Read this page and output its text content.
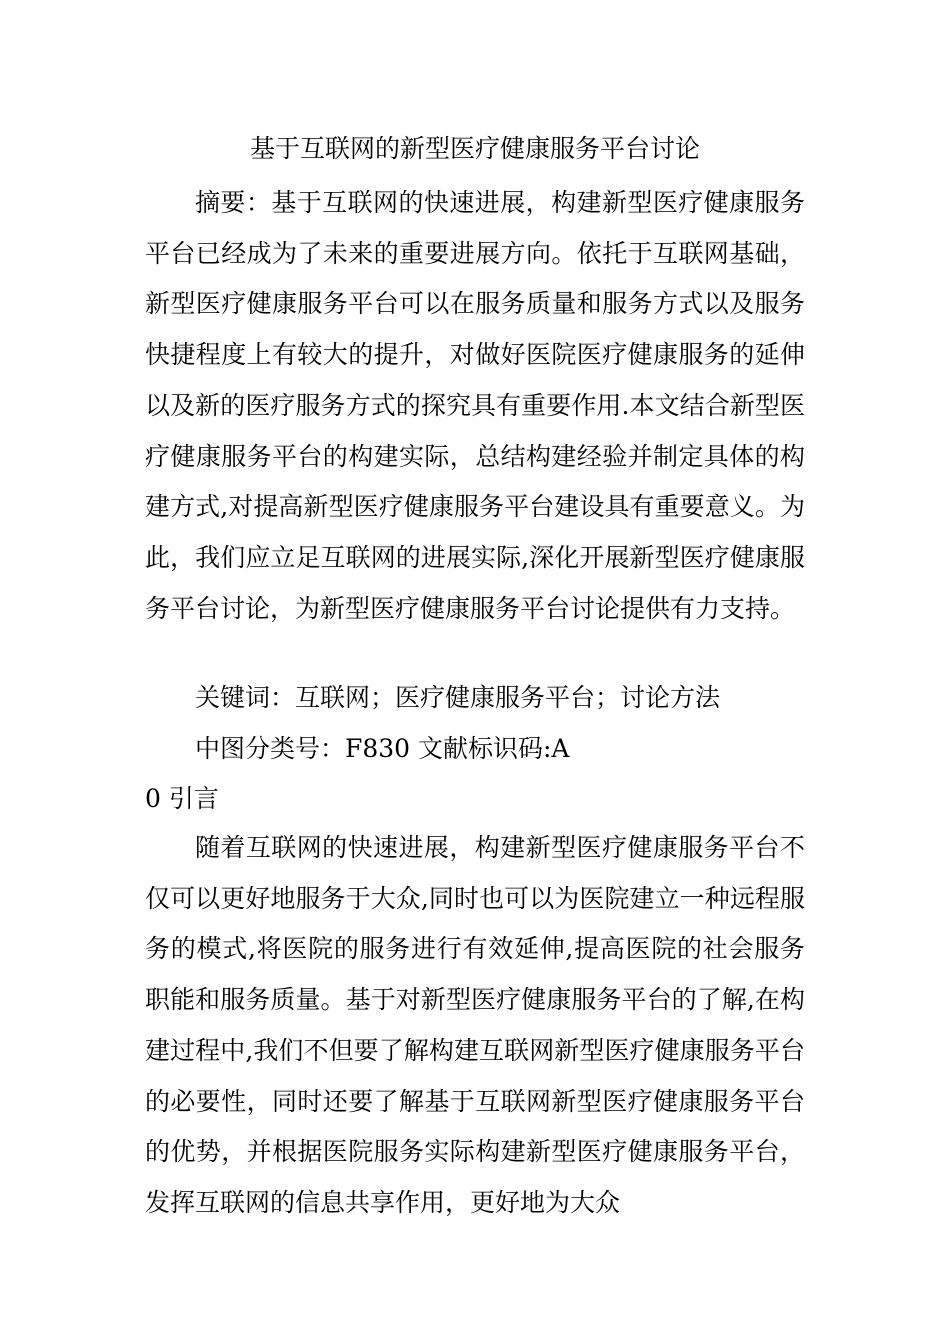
基于互联网的新型医疗健康服务平台讨论

摘要：基于互联网的快速进展，构建新型医疗健康服务平台已经成为了未来的重要进展方向。依托于互联网基础，新型医疗健康服务平台可以在服务质量和服务方式以及服务快捷程度上有较大的提升，对做好医院医疗健康服务的延伸以及新的医疗服务方式的探究具有重要作用.本文结合新型医疗健康服务平台的构建实际，总结构建经验并制定具体的构建方式,对提高新型医疗健康服务平台建设具有重要意义。为此，我们应立足互联网的进展实际,深化开展新型医疗健康服务平台讨论，为新型医疗健康服务平台讨论提供有力支持。

关键词：互联网；医疗健康服务平台；讨论方法

中图分类号：F830 文献标识码:A

0 引言

随着互联网的快速进展，构建新型医疗健康服务平台不仅可以更好地服务于大众,同时也可以为医院建立一种远程服务的模式,将医院的服务进行有效延伸,提高医院的社会服务职能和服务质量。基于对新型医疗健康服务平台的了解,在构建过程中,我们不但要了解构建互联网新型医疗健康服务平台的必要性，同时还要了解基于互联网新型医疗健康服务平台的优势，并根据医院服务实际构建新型医疗健康服务平台，发挥互联网的信息共享作用，更好地为大众
